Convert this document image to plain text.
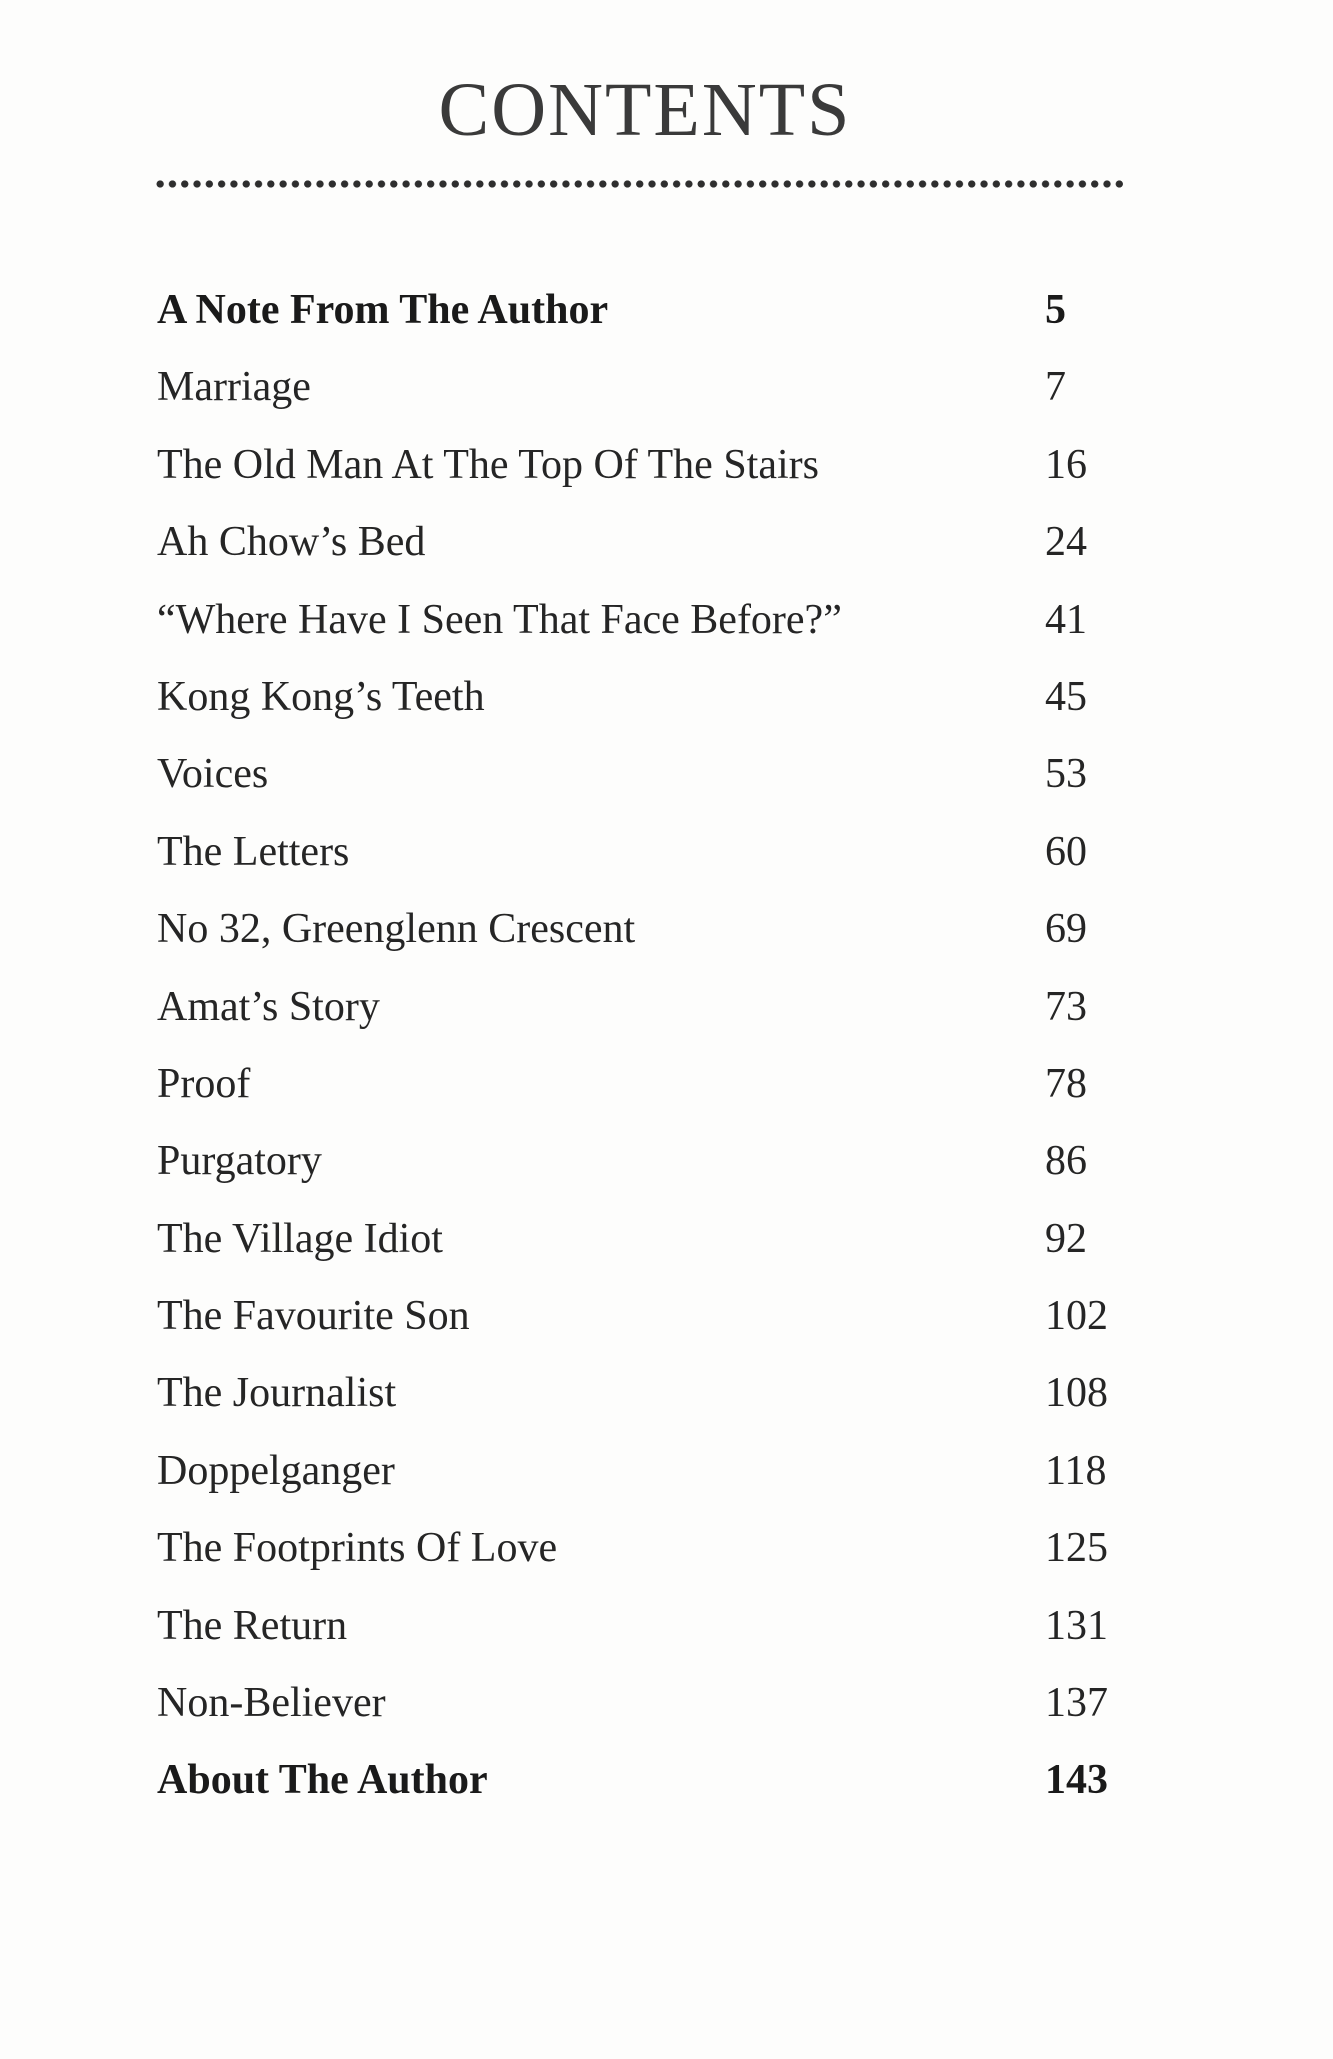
CONTENTS
A Note From The Author	5
Marriage	7
The Old Man At The Top Of The Stairs	16
Ah Chow’s Bed	24
“Where Have I Seen That Face Before?”	41
Kong Kong’s Teeth	45
Voices	53
The Letters	60
No 32, Greenglenn Crescent	69
Amat’s Story	73
Proof	78
Purgatory	86
The Village Idiot	92
The Favourite Son	102
The Journalist	108
Doppelganger	118
The Footprints Of Love	125
The Return	131
Non-Believer	137
About The Author	143
